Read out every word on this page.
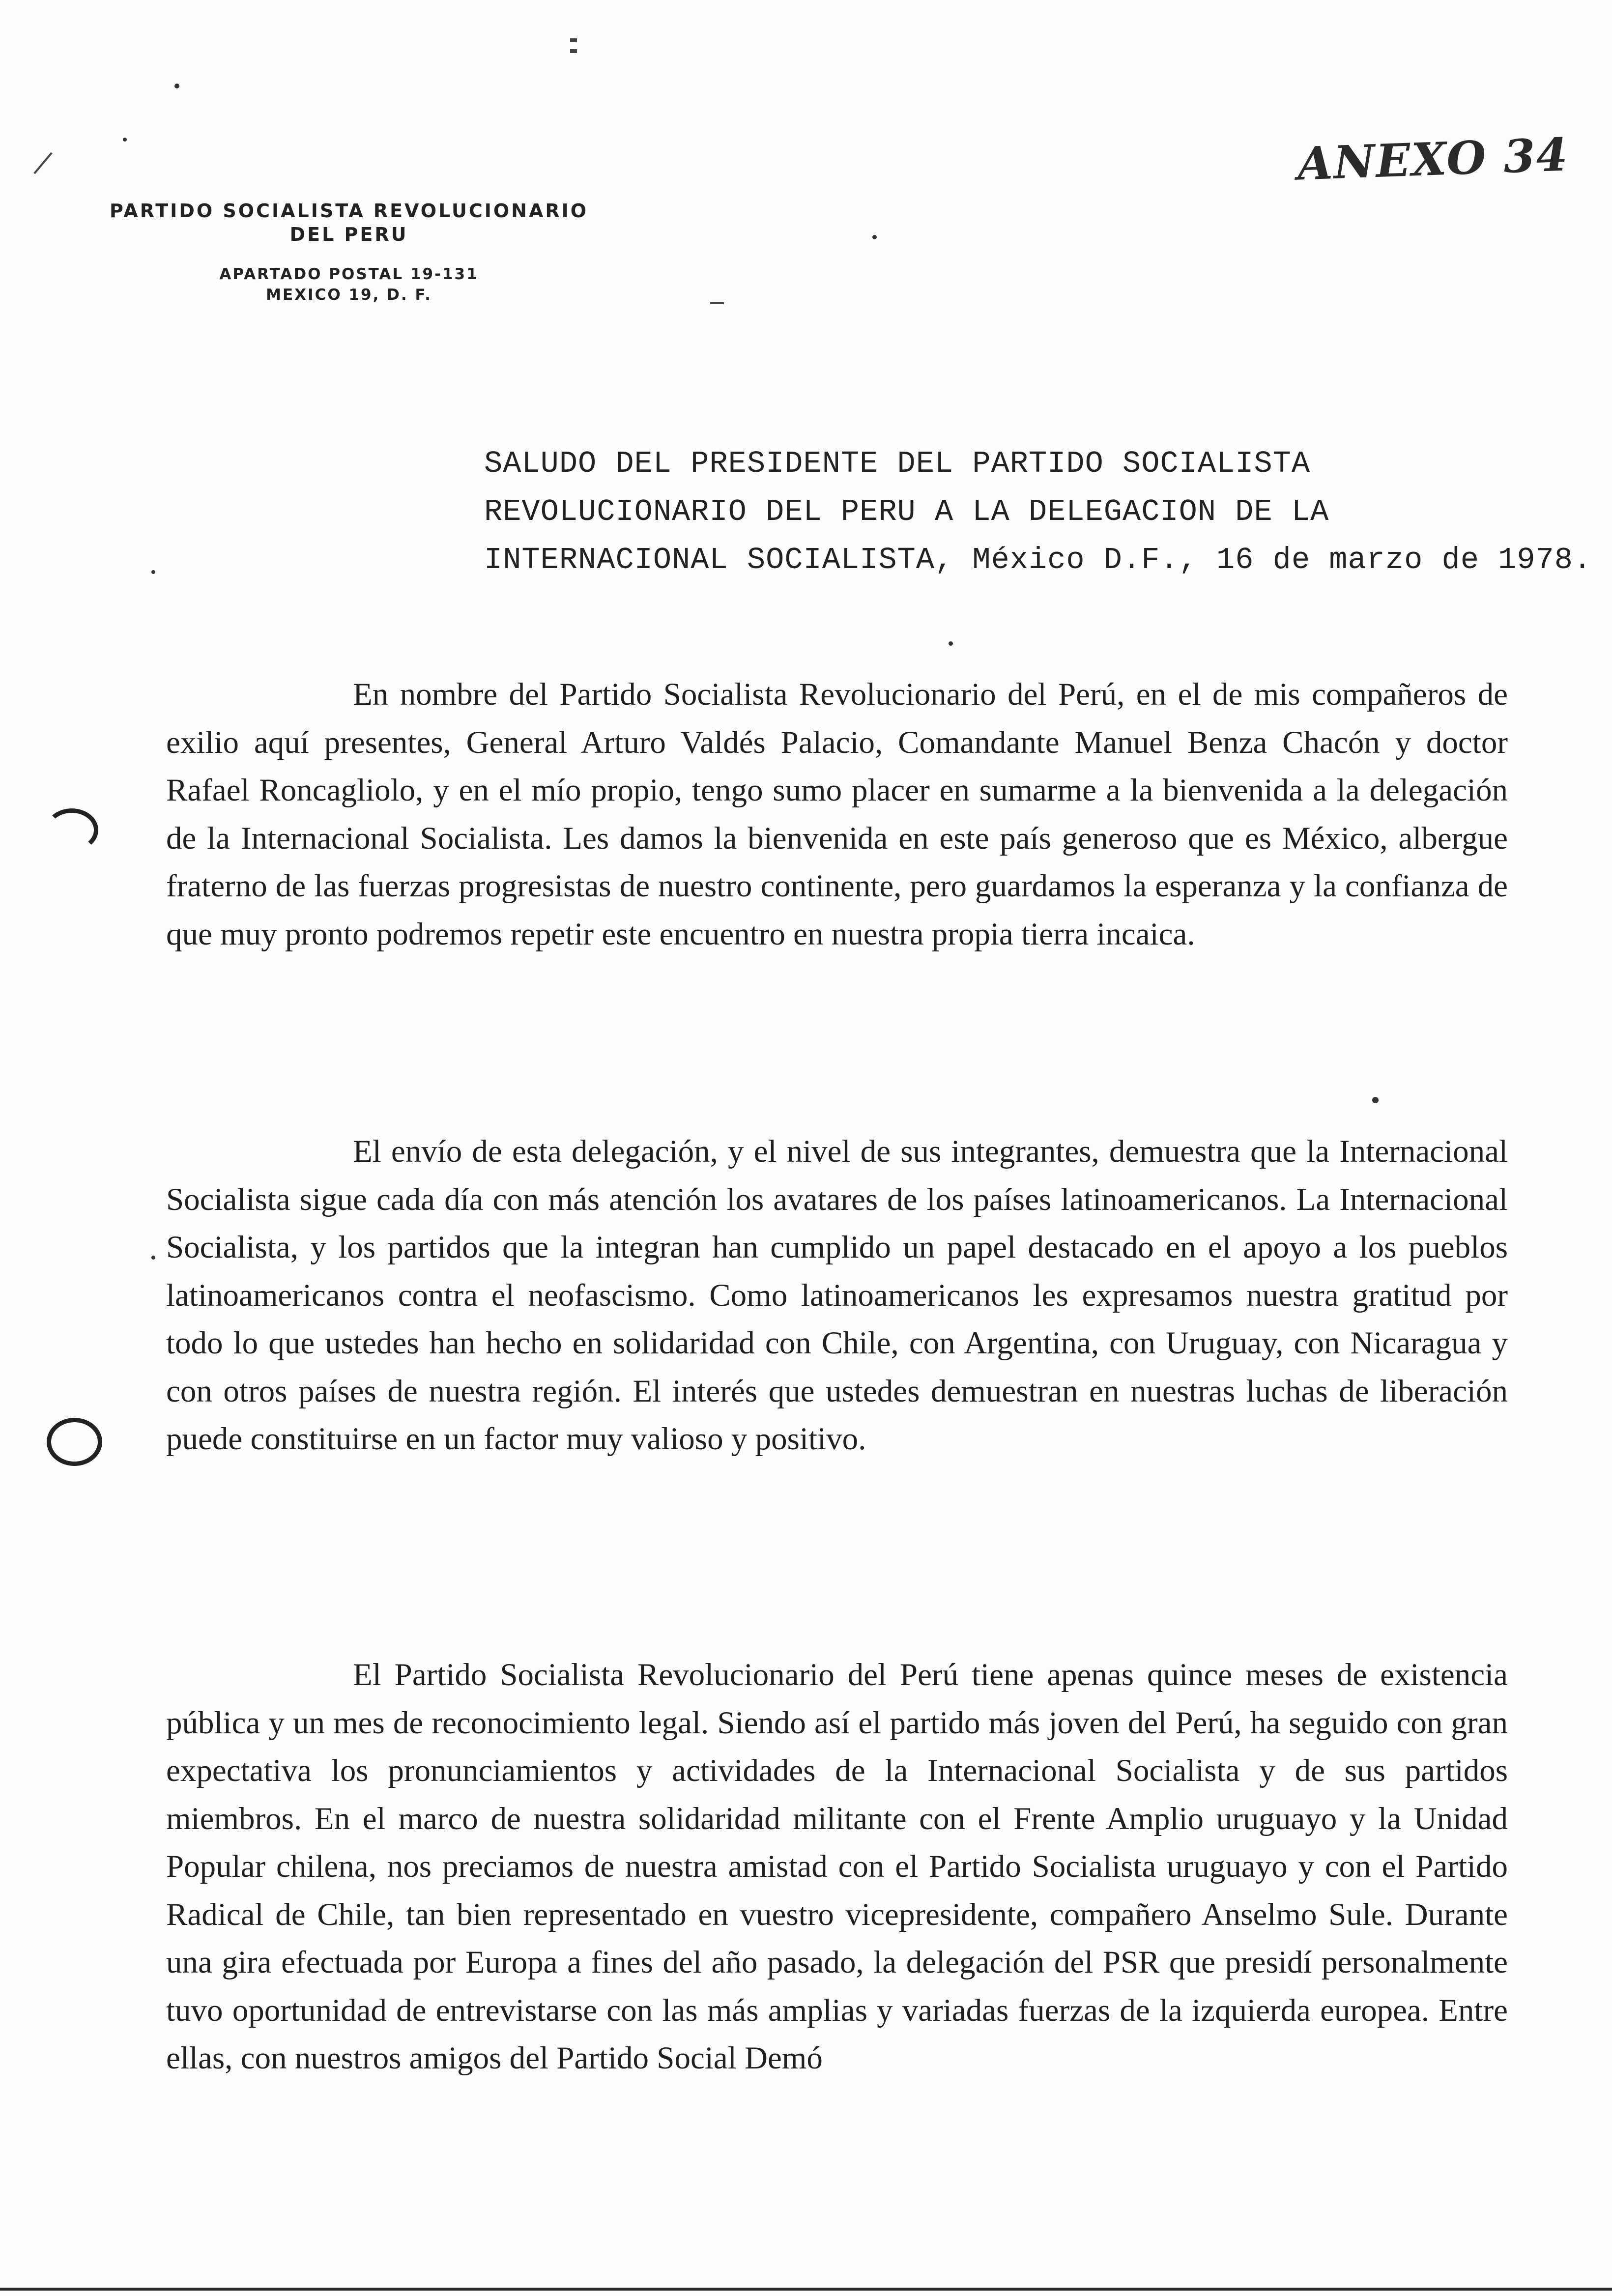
PARTIDO SOCIALISTA REVOLUCIONARIO
DEL PERU
APARTADO POSTAL 19-131
MEXICO 19, D. F.
ANEXO 34
SALUDO DEL PRESIDENTE DEL PARTIDO SOCIALISTA
REVOLUCIONARIO DEL PERU A LA DELEGACION DE LA
INTERNACIONAL SOCIALISTA, México D.F., 16 de marzo de 1978.

En nombre del Partido Socialista Revolucionario del Perú, en el de mis compañeros de exilio aquí presentes, General Arturo Valdés Palacio, Comandante Manuel Benza Chacón y doctor Rafael Roncagliolo, y en el mío propio, tengo sumo placer en sumarme a la bienvenida a la delegación de la Internacional Socialista. Les damos la bienvenida en este país generoso que es México, albergue fraterno de las fuerzas progresistas de nuestro continente, pero guardamos la esperanza y la confianza de que muy pronto podremos repetir este encuentro en nuestra propia tierra incaica.

El envío de esta delegación, y el nivel de sus integrantes, demuestra que la Internacional Socialista sigue cada día con más atención los avatares de los países latinoamericanos. La Internacional Socialista, y los partidos que la integran han cumplido un papel destacado en el apoyo a los pueblos latinoamericanos contra el neofascismo. Como latinoamericanos les expresamos nuestra gratitud por todo lo que ustedes han hecho en solidaridad con Chile, con Argentina, con Uruguay, con Nicaragua y con otros países de nuestra región. El interés que ustedes demuestran en nuestras luchas de liberación puede constituirse en un factor muy valioso y positivo.

El Partido Socialista Revolucionario del Perú tiene apenas quince meses de existencia pública y un mes de reconocimiento legal. Siendo así el partido más joven del Perú, ha seguido con gran expectativa los pronunciamientos y actividades de la Internacional Socialista y de sus partidos miembros. En el marco de nuestra solidaridad militante con el Frente Amplio uruguayo y la Unidad Popular chilena, nos preciamos de nuestra amistad con el Partido Socialista uruguayo y con el Partido Radical de Chile, tan bien representado en vuestro vicepresidente, compañero Anselmo Sule. Durante una gira efectuada por Europa a fines del año pasado, la delegación del PSR que presidí personalmente tuvo oportunidad de entrevistarse con las más amplias y variadas fuerzas de la izquierda europea. Entre ellas, con nuestros amigos del Partido Social Demó
